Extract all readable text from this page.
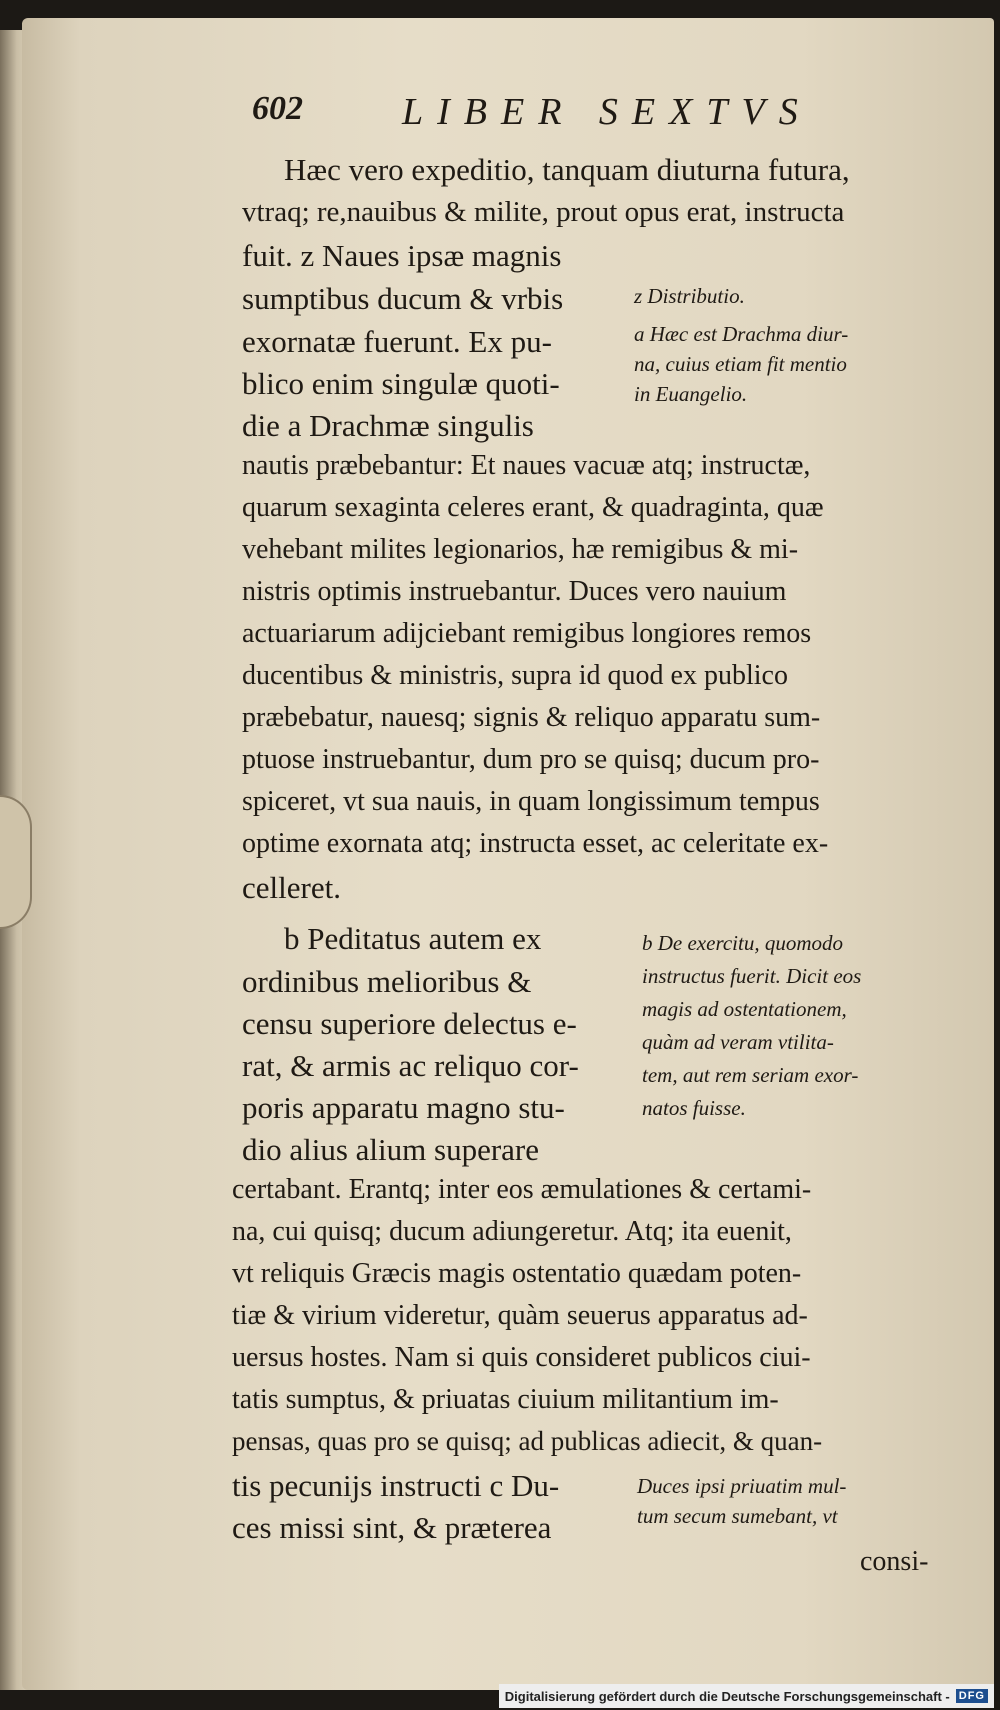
602	LIBER SEXTVS
Hæc vero expeditio, tanquam diuturna futura,
vtraq; re,nauibus & milite, prout opus erat, instructa
fuit. z Naues ipsæ magnis
sumptibus ducum & vrbis
exornatæ fuerunt. Ex pu-
blico enim singulæ quoti-
die a Drachmæ singulis
nautis præbebantur: Et naues vacuæ atq; instructæ,
quarum sexaginta celeres erant, & quadraginta, quæ
vehebant milites legionarios, hæ remigibus & mi-
nistris optimis instruebantur. Duces vero nauium
actuariarum adijciebant remigibus longiores remos
ducentibus & ministris, supra id quod ex publico
præbebatur, nauesq; signis & reliquo apparatu sum-
ptuose instruebantur, dum pro se quisq; ducum pro-
spiceret, vt sua nauis, in quam longissimum tempus
optime exornata atq; instructa esset, ac celeritate ex-
celleret.
b Peditatus autem ex
ordinibus melioribus &
censu superiore delectus e-
rat, & armis ac reliquo cor-
poris apparatu magno stu-
dio alius alium superare
certabant. Erantq; inter eos æmulationes & certami-
na, cui quisq; ducum adiungeretur. Atq; ita euenit,
vt reliquis Græcis magis ostentatio quædam poten-
tiæ & virium videretur, quàm seuerus apparatus ad-
uersus hostes. Nam si quis consideret publicos ciui-
tatis sumptus, & priuatas ciuium militantium im-
pensas, quas pro se quisq; ad publicas adiecit, & quan-
tis pecunijs instructi c Du-
ces missi sint, & præterea
z Distributio.
a Hæc est Drachma diur-
na, cuius etiam fit mentio
in Euangelio.
b De exercitu, quomodo
instructus fuerit. Dicit eos
magis ad ostentationem,
quàm ad veram vtilita-
tem, aut rem seriam exor-
natos fuisse.
Duces ipsi priuatim mul-
tum secum sumebant, vt
consi-
Digitalisierung gefördert durch die Deutsche Forschungsgemeinschaft - DFG
